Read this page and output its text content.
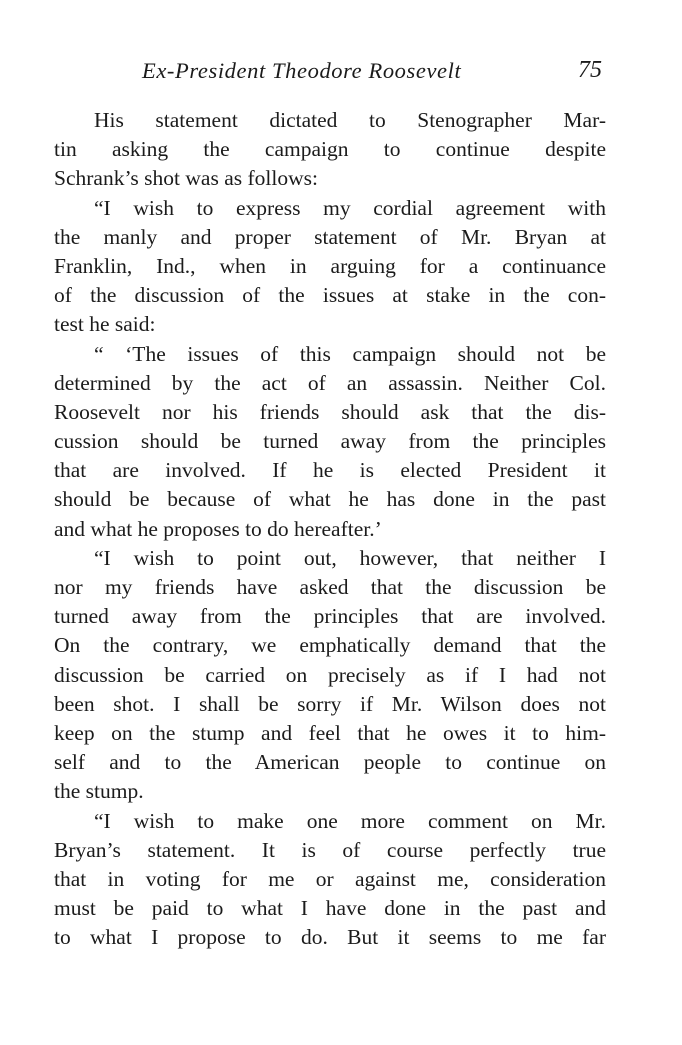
Ex-President Theodore Roosevelt	75
His statement dictated to Stenographer Mar-
tin asking the campaign to continue despite
Schrank’s shot was as follows:
“I wish to express my cordial agreement with
the manly and proper statement of Mr. Bryan at
Franklin, Ind., when in arguing for a continuance
of the discussion of the issues at stake in the con-
test he said:
“ ‘The issues of this campaign should not be
determined by the act of an assassin. Neither Col.
Roosevelt nor his friends should ask that the dis-
cussion should be turned away from the principles
that are involved. If he is elected President it
should be because of what he has done in the past
and what he proposes to do hereafter.’
“I wish to point out, however, that neither I
nor my friends have asked that the discussion be
turned away from the principles that are involved.
On the contrary, we emphatically demand that the
discussion be carried on precisely as if I had not
been shot. I shall be sorry if Mr. Wilson does not
keep on the stump and feel that he owes it to him-
self and to the American people to continue on
the stump.
“I wish to make one more comment on Mr.
Bryan’s statement. It is of course perfectly true
that in voting for me or against me, consideration
must be paid to what I have done in the past and
to what I propose to do. But it seems to me far
